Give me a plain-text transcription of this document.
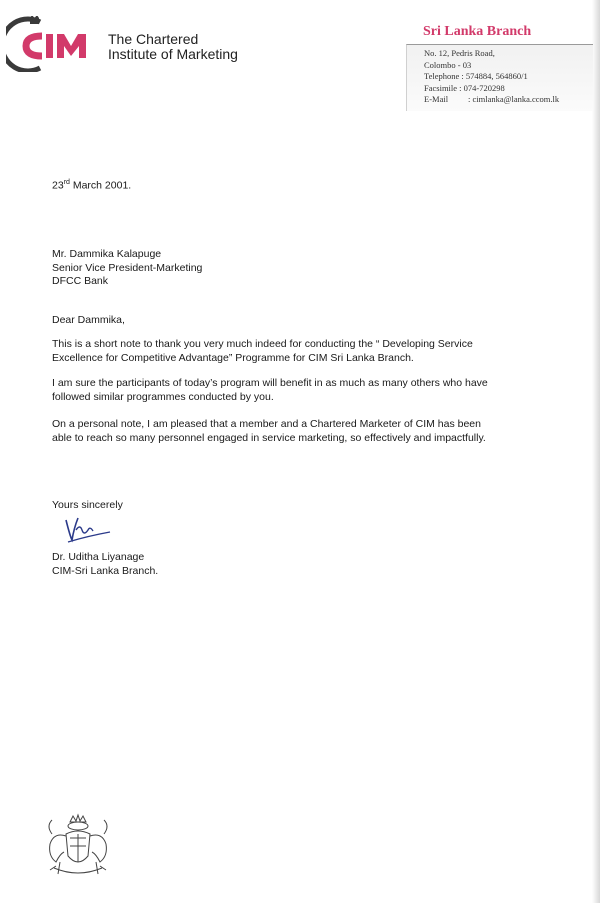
The Chartered
Institute of Marketing
Sri Lanka Branch
No. 12, Pedris Road,
Colombo - 03
Telephone : 574884, 564860/1
Facsimile : 074-720298
E-Mail : cimlanka@lanka.ccom.lk
23rd March 2001.
Mr. Dammika Kalapuge
Senior Vice President-Marketing
DFCC Bank
Dear Dammika,
This is a short note to thank you very much indeed for conducting the “ Developing Service
Excellence for Competitive Advantage” Programme for CIM Sri Lanka Branch.
I am sure the participants of today’s program will benefit in as much as many others who have
followed similar programmes conducted by you.
On a personal note, I am pleased that a member and a Chartered Marketer of CIM has been
able to reach so many personnel engaged in service marketing, so effectively and impactfully.
Yours sincerely
Dr. Uditha Liyanage
CIM-Sri Lanka Branch.
